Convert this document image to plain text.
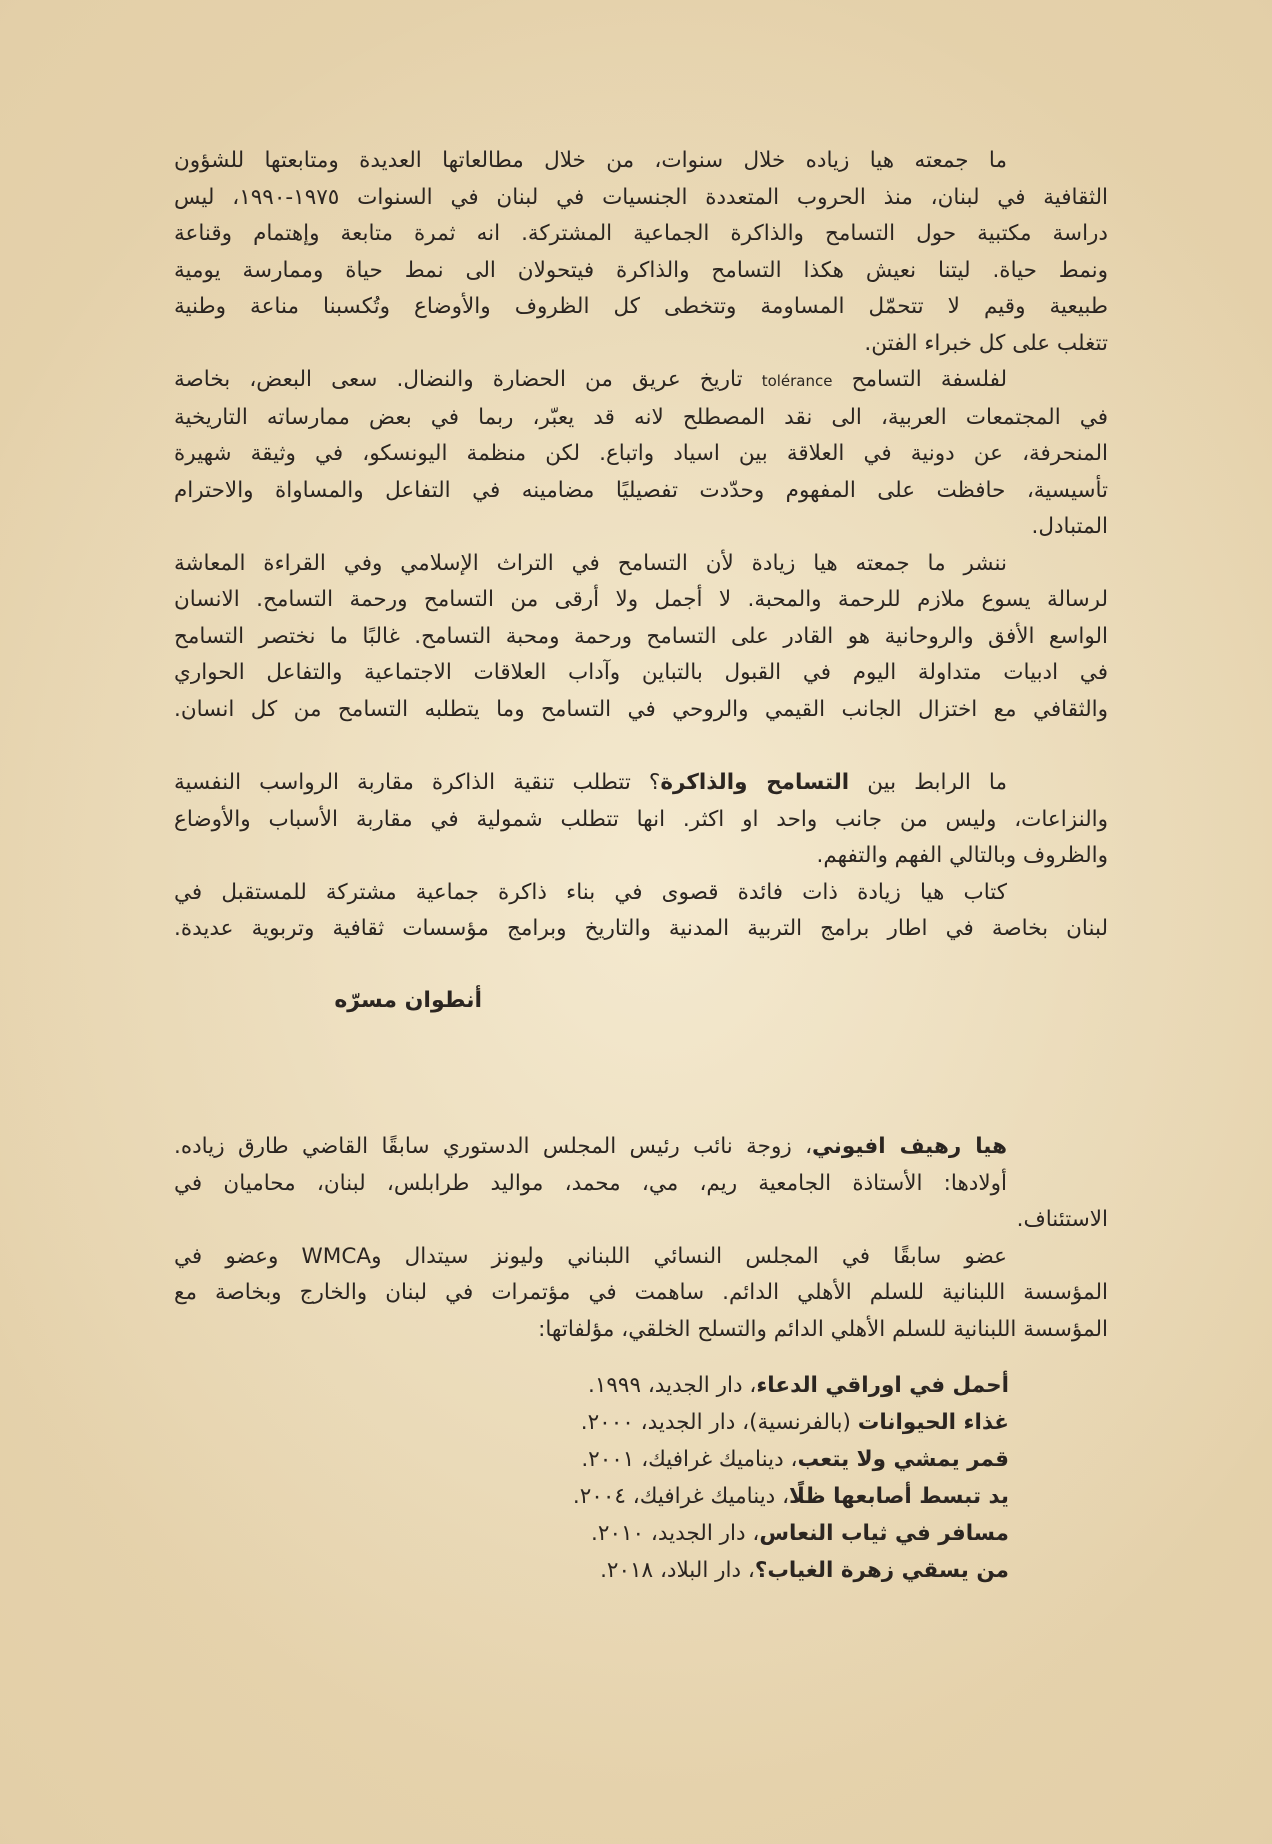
ما جمعته هيا زياده خلال سنوات، من خلال مطالعاتها العديدة ومتابعتها للشؤون
الثقافية في لبنان، منذ الحروب المتعددة الجنسيات في لبنان في السنوات ١٩٧٥-١٩٩٠، ليس
دراسة مكتبية حول التسامح والذاكرة الجماعية المشتركة. انه ثمرة متابعة وإهتمام وقناعة
ونمط حياة. ليتنا نعيش هكذا التسامح والذاكرة فيتحولان الى نمط حياة وممارسة يومية
طبيعية وقيم لا تتحمّل المساومة وتتخطى كل الظروف والأوضاع وتُكسبنا مناعة وطنية
تتغلب على كل خبراء الفتن.
لفلسفة التسامح tolérance تاريخ عريق من الحضارة والنضال. سعى البعض، بخاصة
في المجتمعات العربية، الى نقد المصطلح لانه قد يعبّر، ربما في بعض ممارساته التاريخية
المنحرفة، عن دونية في العلاقة بين اسياد واتباع. لكن منظمة اليونسكو، في وثيقة شهيرة
تأسيسية، حافظت على المفهوم وحدّدت تفصيليًا مضامينه في التفاعل والمساواة والاحترام
المتبادل.
ننشر ما جمعته هيا زيادة لأن التسامح في التراث الإسلامي وفي القراءة المعاشة
لرسالة يسوع ملازم للرحمة والمحبة. لا أجمل ولا أرقى من التسامح ورحمة التسامح. الانسان
الواسع الأفق والروحانية هو القادر على التسامح ورحمة ومحبة التسامح. غالبًا ما نختصر التسامح
في ادبيات متداولة اليوم في القبول بالتباين وآداب العلاقات الاجتماعية والتفاعل الحواري
والثقافي مع اختزال الجانب القيمي والروحي في التسامح وما يتطلبه التسامح من كل انسان.
ما الرابط بين التسامح والذاكرة؟ تتطلب تنقية الذاكرة مقاربة الرواسب النفسية
والنزاعات، وليس من جانب واحد او اكثر. انها تتطلب شمولية في مقاربة الأسباب والأوضاع
والظروف وبالتالي الفهم والتفهم.
كتاب هيا زيادة ذات فائدة قصوى في بناء ذاكرة جماعية مشتركة للمستقبل في
لبنان بخاصة في اطار برامج التربية المدنية والتاريخ وبرامج مؤسسات ثقافية وتربوية عديدة.
أنطوان مسرّه
هيا رهيف افيوني، زوجة نائب رئيس المجلس الدستوري سابقًا القاضي طارق زياده.
أولادها: الأستاذة الجامعية ريم، مي، محمد، مواليد طرابلس، لبنان، محاميان في
الاستئناف.
عضو سابقًا في المجلس النسائي اللبناني وليونز سيتدال وWMCA وعضو في
المؤسسة اللبنانية للسلم الأهلي الدائم. ساهمت في مؤتمرات في لبنان والخارج وبخاصة مع
المؤسسة اللبنانية للسلم الأهلي الدائم والتسلح الخلقي، مؤلفاتها:
أحمل في اوراقي الدعاء، دار الجديد، ١٩٩٩.
غذاء الحيوانات (بالفرنسية)، دار الجديد، ٢٠٠٠.
قمر يمشي ولا يتعب، ديناميك غرافيك، ٢٠٠١.
يد تبسط أصابعها ظلًا، ديناميك غرافيك، ٢٠٠٤.
مسافر في ثياب النعاس، دار الجديد، ٢٠١٠.
من يسقي زهرة الغياب؟، دار البلاد، ٢٠١٨.
